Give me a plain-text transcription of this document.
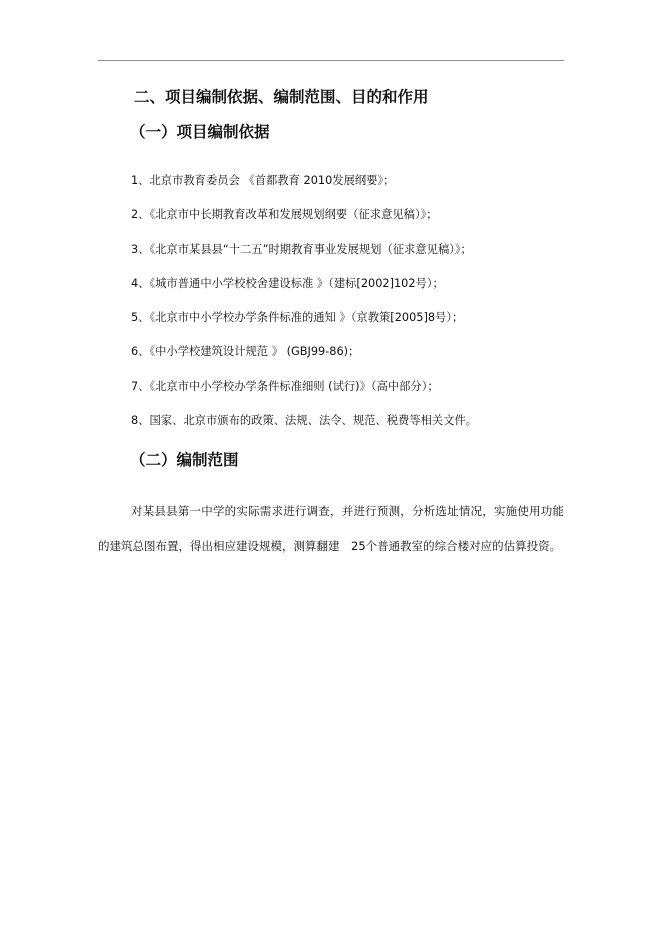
二、项目编制依据、编制范围、目的和作用
（一）项目编制依据
1、北京市教育委员会 《首都教育 2010发展纲要》；
2、《北京市中长期教育改革和发展规划纲要（征求意见稿）》；
3、《北京市某县县“十二五”时期教育事业发展规划（征求意见稿）》；
4、《城市普通中小学校校舍建设标准 》（建标[2002]102号）；
5、《北京市中小学校办学条件标准的通知 》（京教策[2005]8号）；
6、《中小学校建筑设计规范 》 (GBJ99-86)；
7、《北京市中小学校办学条件标准细则 (试行)》（高中部分）；
8、国家、北京市颁布的政策、法规、法令、规范、税费等相关文件。
（二）编制范围

对某县县第一中学的实际需求进行调查，并进行预测，分析选址情况，实施使用功能的建筑总图布置，得出相应建设规模，测算翻建　25个普通教室的综合楼对应的估算投资。
